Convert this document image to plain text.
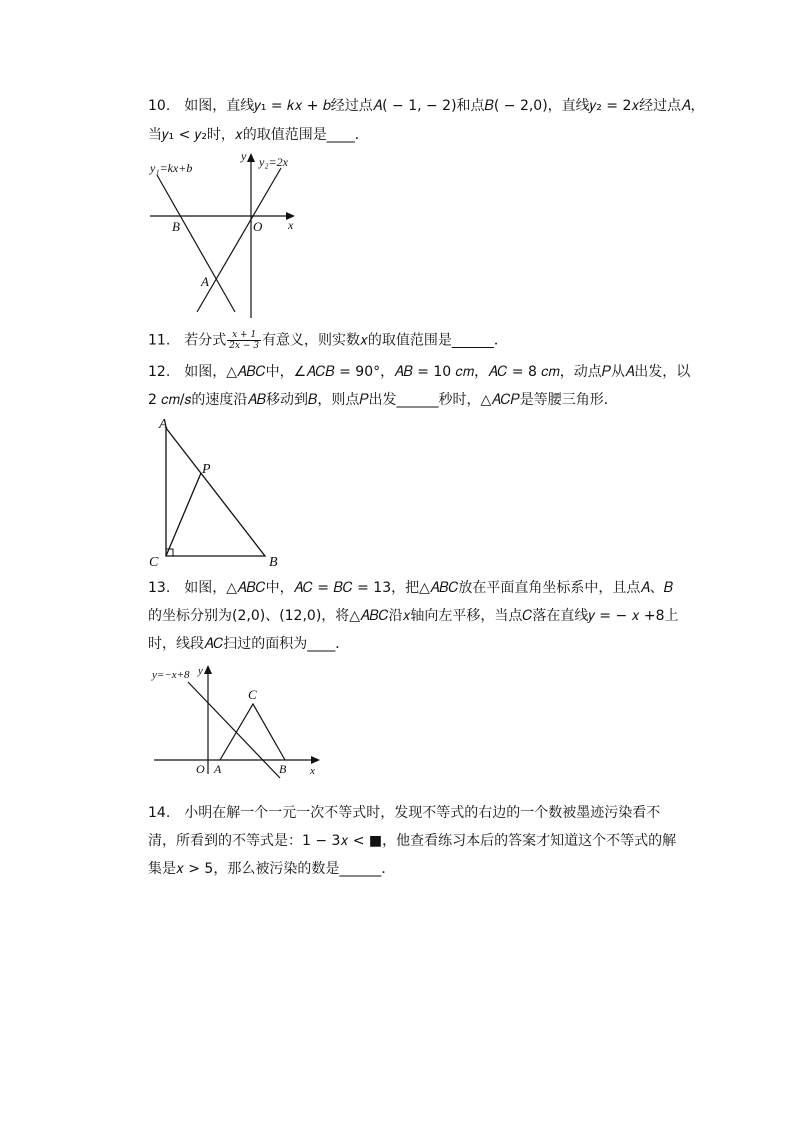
10.　如图，直线𝑦₁ = 𝑘𝑥 + 𝑏经过点𝐴( − 1, − 2)和点𝐵( − 2,0)，直线𝑦₂ = 2𝑥经过点𝐴，
当𝑦₁ < 𝑦₂时，𝑥的取值范围是____．
y₁=kx+b	y₂=2x
y
x
B	O
A
11.　若分式 $\frac{x + 1}{2x - 3}$ 有意义，则实数𝑥的取值范围是______．
12.　如图，△𝐴𝐵𝐶中，∠𝐴𝐶𝐵 = 90°，𝐴𝐵 = 10 𝑐𝑚，𝐴𝐶 = 8 𝑐𝑚，动点𝑃从𝐴出发，以
2 𝑐𝑚/𝑠的速度沿𝐴𝐵移动到𝐵，则点𝑃出发______秒时，△𝐴𝐶𝑃是等腰三角形．
A
P
C	B
13.　如图，△𝐴𝐵𝐶中，𝐴𝐶 = 𝐵𝐶 = 13，把△𝐴𝐵𝐶放在平面直角坐标系中，且点𝐴、𝐵
的坐标分别为(2,0)、(12,0)，将△𝐴𝐵𝐶沿𝑥轴向左平移，当点𝐶落在直线𝑦 = − 𝑥 +8上
时，线段𝐴𝐶扫过的面积为____．
y=−x+8 y
C
O A	B x
14.　小明在解一个一元一次不等式时，发现不等式的右边的一个数被墨迹污染看不
清，所看到的不等式是：1 − 3𝑥 < ■，他查看练习本后的答案才知道这个不等式的解
集是𝑥 > 5，那么被污染的数是______．
